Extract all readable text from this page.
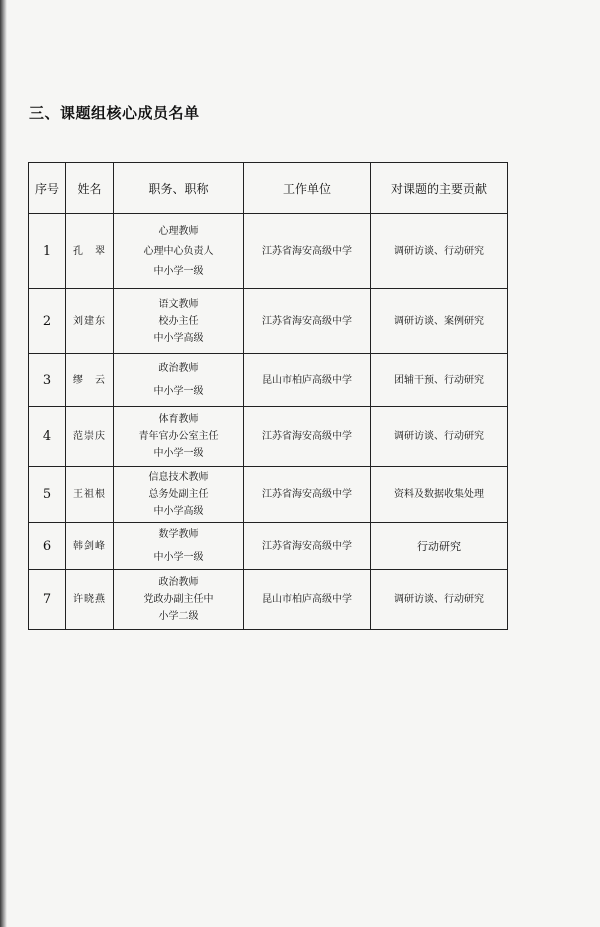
三、课题组核心成员名单
序号	姓名	职务、职称	工作单位	对课题的主要贡献
1	孔　翠	心理教师
心理中心负责人
中小学一级	江苏省海安高级中学	调研访谈、行动研究
2	刘建东	语文教师
校办主任
中小学高级	江苏省海安高级中学	调研访谈、案例研究
3	缪　云	政治教师
中小学一级	昆山市柏庐高级中学	团辅干预、行动研究
4	范崇庆	体育教师
青年官办公室主任
中小学一级	江苏省海安高级中学	调研访谈、行动研究
5	王祖根	信息技术教师
总务处副主任
中小学高级	江苏省海安高级中学	资料及数据收集处理
6	韩剑峰	数学教师
中小学一级	江苏省海安高级中学	行动研究
7	许晓燕	政治教师
党政办副主任中
小学二级	昆山市柏庐高级中学	调研访谈、行动研究
